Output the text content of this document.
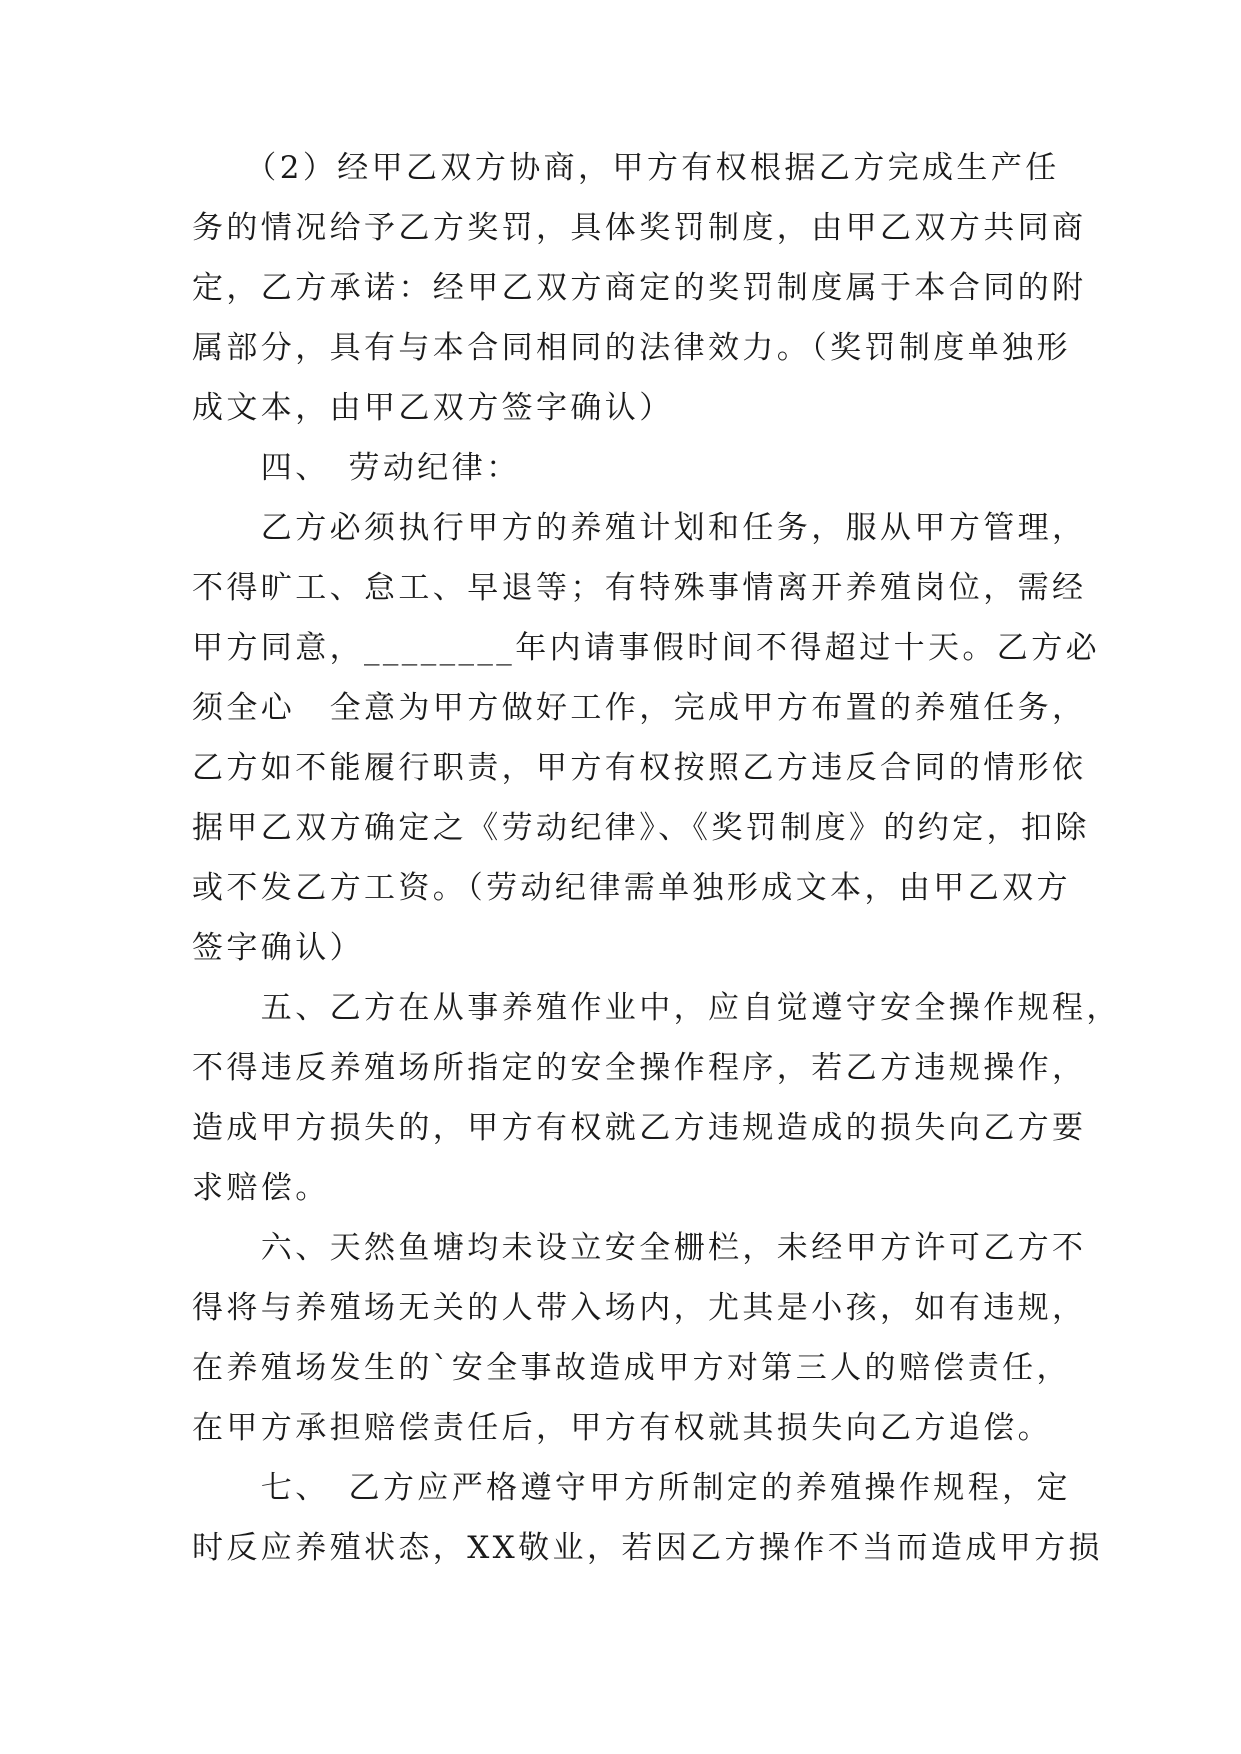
　　（2）经甲乙双方协商，甲方有权根据乙方完成生产任
务的情况给予乙方奖罚，具体奖罚制度，由甲乙双方共同商
定，乙方承诺：经甲乙双方商定的奖罚制度属于本合同的附
属部分，具有与本合同相同的法律效力。（奖罚制度单独形
成文本，由甲乙双方签字确认）
　　四、　劳动纪律：
　　乙方必须执行甲方的养殖计划和任务，服从甲方管理，
不得旷工、怠工、早退等；有特殊事情离开养殖岗位，需经
甲方同意，________年内请事假时间不得超过十天。乙方必
须全心　全意为甲方做好工作，完成甲方布置的养殖任务，
乙方如不能履行职责，甲方有权按照乙方违反合同的情形依
据甲乙双方确定之《劳动纪律》、《奖罚制度》的约定，扣除
或不发乙方工资。（劳动纪律需单独形成文本，由甲乙双方
签字确认）
　　五、乙方在从事养殖作业中，应自觉遵守安全操作规程，
不得违反养殖场所指定的安全操作程序，若乙方违规操作，
造成甲方损失的，甲方有权就乙方违规造成的损失向乙方要
求赔偿。
　　六、天然鱼塘均未设立安全栅栏，未经甲方许可乙方不
得将与养殖场无关的人带入场内，尤其是小孩，如有违规，
在养殖场发生的`安全事故造成甲方对第三人的赔偿责任，
在甲方承担赔偿责任后，甲方有权就其损失向乙方追偿。
　　七、　乙方应严格遵守甲方所制定的养殖操作规程，定
时反应养殖状态，XX敬业，若因乙方操作不当而造成甲方损
